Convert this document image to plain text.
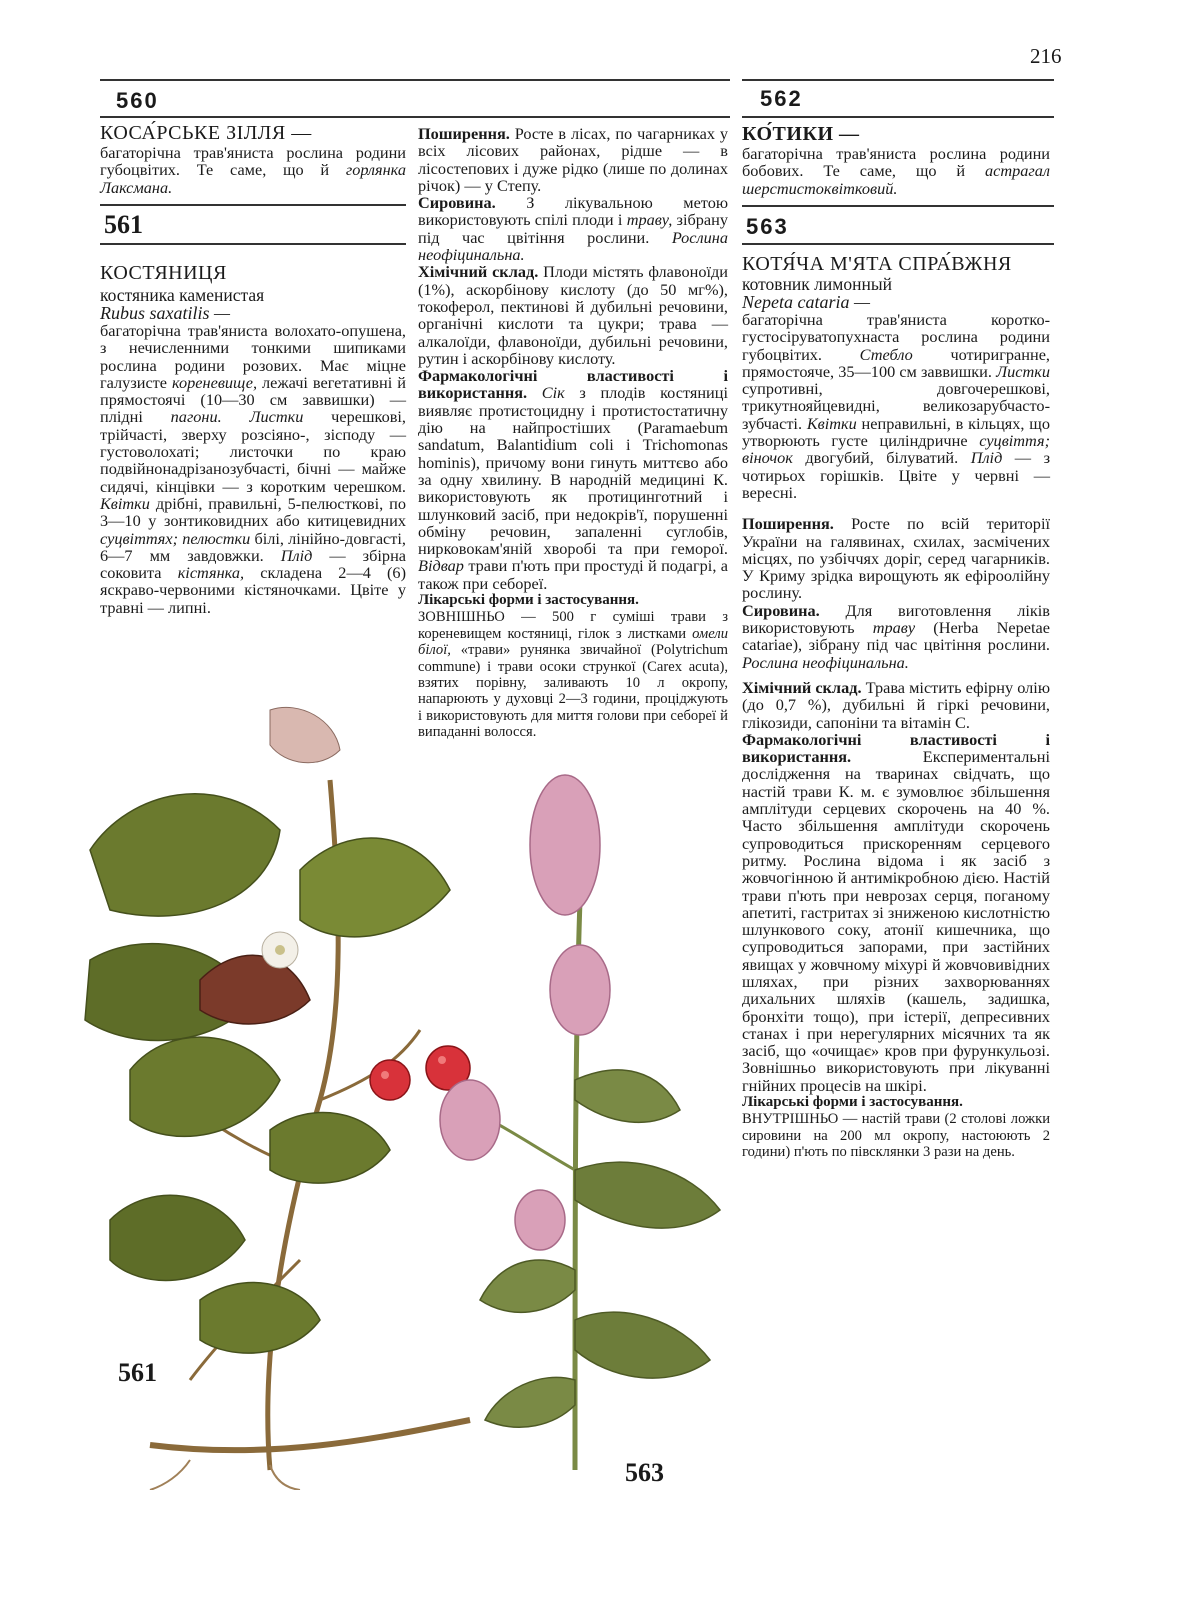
216
560

КОСА́РСЬКЕ ЗІЛЛЯ —

багаторічна трав'яниста рослина родини губоцвітих. Те саме, що й горлянка Лаксмана.

561

КОСТЯНИЦЯ

костяника каменистая

Rubus saxatilis —

багаторічна трав'яниста волохато-опушена, з нечисленними тонкими шипиками рослина родини розових. Має міцне галузисте кореневище, лежачі вегетативні й прямостоячі (10—30 см заввишки) — плідні пагони. Листки черешкові, трійчасті, зверху розсіяно-, зісподу — густоволохаті; листочки по краю подвійнонадрізанозубчасті, бічні — майже сидячі, кінцівки — з коротким черешком. Квітки дрібні, правильні, 5-пелюсткові, по 3—10 у зонтиковидних або китицевидних суцвіттях; пелюстки білі, лінійно-довгасті, 6—7 мм завдовжки. Плід — збірна соковита кістянка, складена 2—4 (6) яскраво-червоними кістяночками. Цвіте у травні — липні.

Поширення. Росте в лісах, по чагарниках у всіх лісових районах, рідше — в лісостепових і дуже рідко (лише по долинах річок) — у Степу.

Сировина. З лікувальною метою використовують спілі плоди і траву, зібрану під час цвітіння рослини. Рослина неофіцинальна.

Хімічний склад. Плоди містять флавоноїди (1%), аскорбінову кислоту (до 50 мг%), токоферол, пектинові й дубильні речовини, органічні кислоти та цукри; трава — алкалоїди, флавоноїди, дубильні речовини, рутин і аскорбінову кислоту.

Фармакологічні властивості і використання. Сік з плодів костяниці виявляє протистоцидну і протистостатичну дію на найпростіших (Paramaebum sandatum, Balantidium coli і Trichomonas hominis), причому вони гинуть миттєво або за одну хвилину. В народній медицині К. використовують як протицинготний і шлунковий засіб, при недокрів'ї, порушенні обміну речовин, запаленні суглобів, нирковокам'яній хворобі та при геморої. Відвар трави п'ють при простуді й подагрі, а також при себореї.

Лікарські форми і застосування.

ЗОВНІШНЬО — 500 г суміші трави з кореневищем костяниці, гілок з листками омели білої, «трави» рунянка звичайної (Polytrichum commune) і трави осоки стрункої (Carex acuta), взятих порівну, заливають 10 л окропу, напарюють у духовці 2—3 години, проціджують і використовують для миття голови при себореї й випаданні волосся.

562

КО́ТИКИ —

багаторічна трав'яниста рослина родини бобових. Те саме, що й астрагал шерстистоквітковий.

563

КОТЯ́ЧА М'ЯТА СПРА́ВЖНЯ

котовник лимонный

Nepeta cataria —

багаторічна трав'яниста коротко-густосіруватопухнаста рослина родини губоцвітих. Стебло чотиригранне, прямостояче, 35—100 см заввишки. Листки супротивні, довгочерешкові, трикутнояйцевидні, великозарубчасто-зубчасті. Квітки неправильні, в кільцях, що утворюють густе циліндричне суцвіття; віночок двогубий, білуватий. Плід — з чотирьох горішків. Цвіте у червні — вересні.

Поширення. Росте по всій території України на галявинах, схилах, засмічених місцях, по узбіччях доріг, серед чагарників. У Криму зрідка вирощують як ефіроолійну рослину.

Сировина. Для виготовлення ліків використовують траву (Herba Nepetae catariae), зібрану під час цвітіння рослини. Рослина неофіцинальна.

Хімічний склад. Трава містить ефірну олію (до 0,7 %), дубильні й гіркі речовини, глікозиди, сапоніни та вітамін С.

Фармакологічні властивості і використання. Експериментальні дослідження на тваринах свідчать, що настій трави К. м. є зумовлює збільшення амплітуди серцевих скорочень на 40 %. Часто збільшення амплітуди скорочень супроводиться прискоренням серцевого ритму. Рослина відома і як засіб з жовчогінною й антимікробною дією. Настій трави п'ють при неврозах серця, поганому апетиті, гастритах зі зниженою кислотністю шлункового соку, атонії кишечника, що супроводиться запорами, при застійних явищах у жовчному міхурі й жовчовивідних шляхах, при різних захворюваннях дихальних шляхів (кашель, задишка, бронхіти тощо), при істерії, депресивних станах і при нерегулярних місячних та як засіб, що «очищає» кров при фурункульозі. Зовнішньо використовують при лікуванні гнійних процесів на шкірі.

Лікарські форми і застосування.

ВНУТРІШНЬО — настій трави (2 столові ложки сировини на 200 мл окропу, настоюють 2 години) п'ють по півсклянки 3 рази на день.

561
563
